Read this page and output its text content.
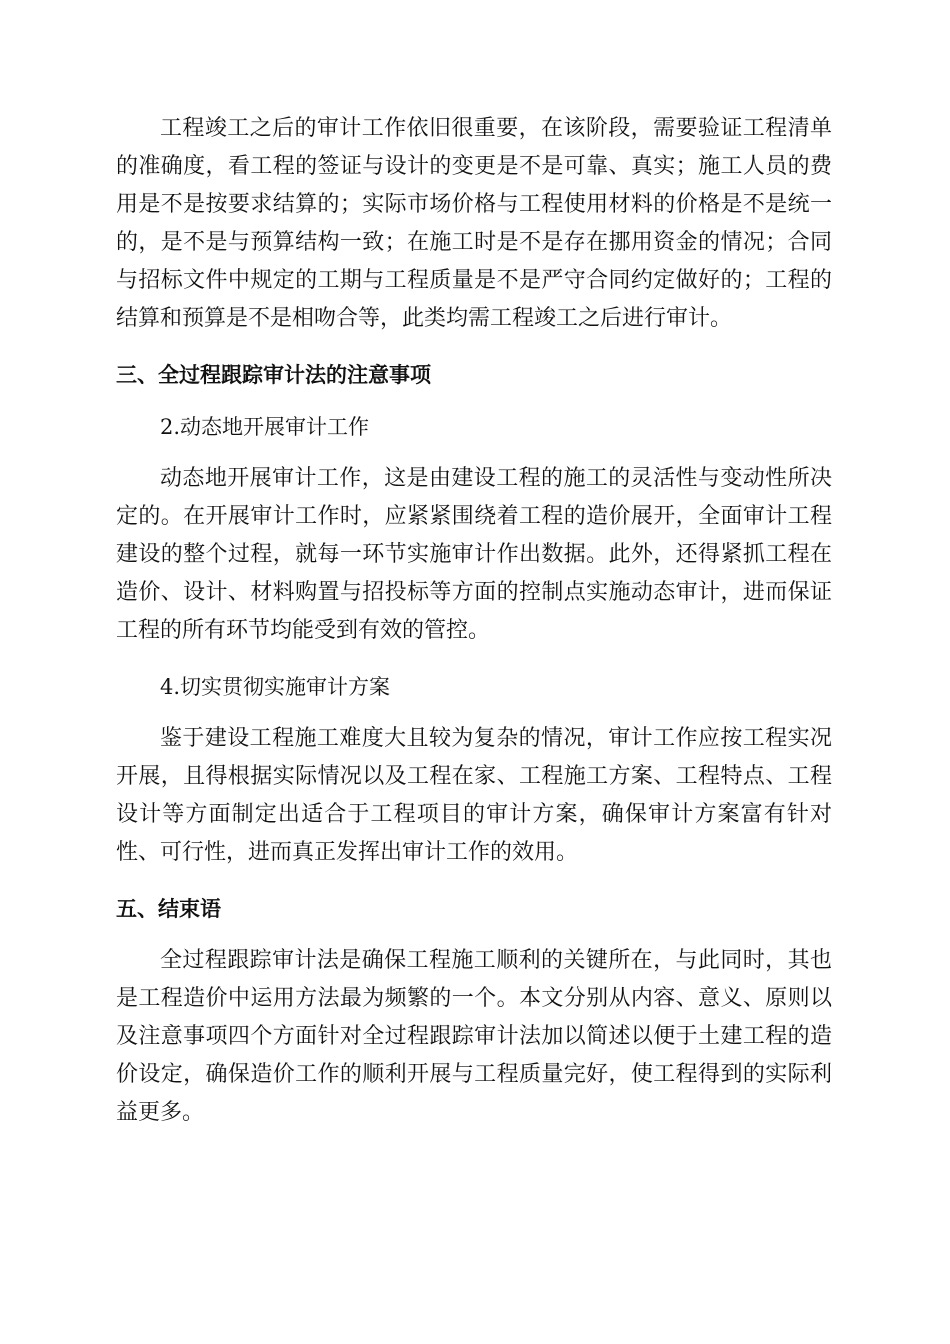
工程竣工之后的审计工作依旧很重要，在该阶段，需要验证工程清单的准确度，看工程的签证与设计的变更是不是可靠、真实；施工人员的费用是不是按要求结算的；实际市场价格与工程使用材料的价格是不是统一的，是不是与预算结构一致；在施工时是不是存在挪用资金的情况；合同与招标文件中规定的工期与工程质量是不是严守合同约定做好的；工程的结算和预算是不是相吻合等，此类均需工程竣工之后进行审计。

三、全过程跟踪审计法的注意事项
2.动态地开展审计工作

动态地开展审计工作，这是由建设工程的施工的灵活性与变动性所决定的。在开展审计工作时，应紧紧围绕着工程的造价展开，全面审计工程建设的整个过程，就每一环节实施审计作出数据。此外，还得紧抓工程在造价、设计、材料购置与招投标等方面的控制点实施动态审计，进而保证工程的所有环节均能受到有效的管控。

4.切实贯彻实施审计方案

鉴于建设工程施工难度大且较为复杂的情况，审计工作应按工程实况开展，且得根据实际情况以及工程在家、工程施工方案、工程特点、工程设计等方面制定出适合于工程项目的审计方案，确保审计方案富有针对性、可行性，进而真正发挥出审计工作的效用。

五、结束语

全过程跟踪审计法是确保工程施工顺利的关键所在，与此同时，其也是工程造价中运用方法最为频繁的一个。本文分别从内容、意义、原则以及注意事项四个方面针对全过程跟踪审计法加以简述以便于土建工程的造价设定，确保造价工作的顺利开展与工程质量完好，使工程得到的实际利益更多。
